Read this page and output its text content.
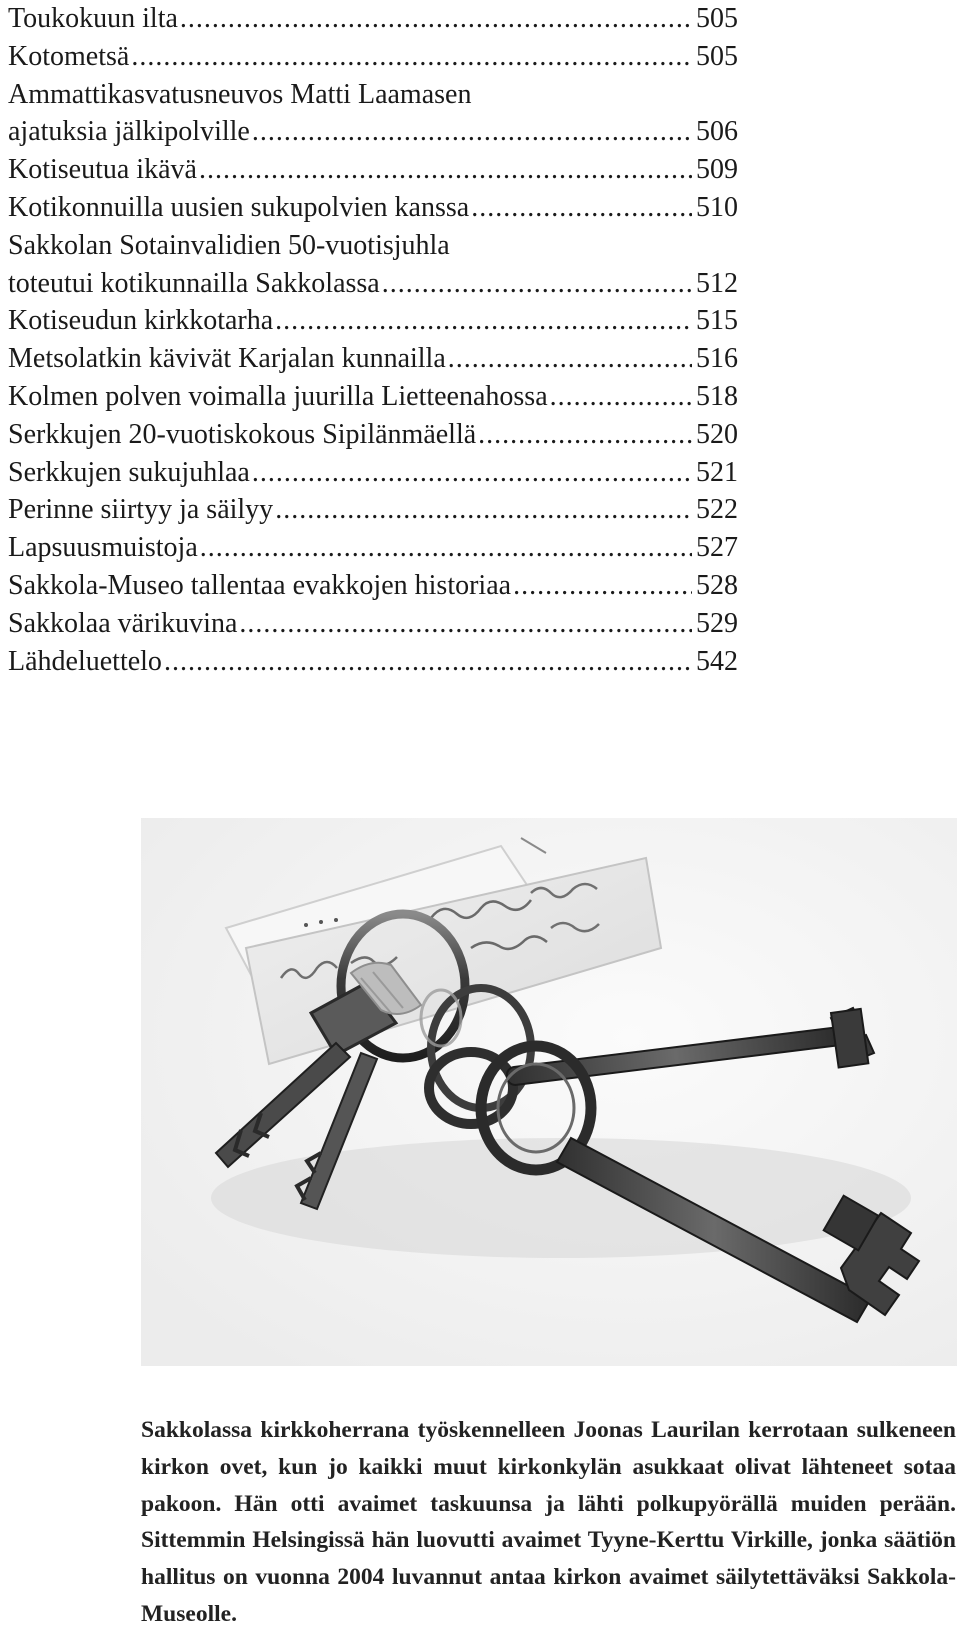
Toukokuun ilta .....	505
Kotometsä .....	505
Ammattikasvatusneuvos Matti Laamasen
ajatuksia jälkipolville .....	506
Kotiseutua ikävä .....	509
Kotikonnuilla uusien sukupolvien kanssa .....	510
Sakkolan Sotainvalidien 50-vuotisjuhla
toteutui kotikunnailla Sakkolassa .....	512
Kotiseudun kirkkotarha .....	515
Metsolatkin kävivät Karjalan kunnailla .....	516
Kolmen polven voimalla juurilla Lietteenahossa .....	518
Serkkujen 20-vuotiskokous Sipilänmäellä .....	520
Serkkujen sukujuhlaa .....	521
Perinne siirtyy ja säilyy .....	522
Lapsuusmuistoja .....	527
Sakkola-Museo tallentaa evakkojen historiaa .....	528
Sakkolaa värikuvina .....	529
Lähdeluettelo .....	542
Sakkolassa kirkkoherrana työskennelleen Joonas Laurilan kerrotaan sulkeneen kirkon ovet, kun jo kaikki muut kirkonkylän asukkaat olivat lähteneet sotaa pakoon. Hän otti avaimet taskuunsa ja lähti polkupyörällä muiden perään. Sittemmin Helsingissä hän luovutti avaimet Tyyne-Kerttu Virkille, jonka säätiön hallitus on vuonna 2004 luvannut antaa kirkon avaimet säilytettäväksi Sakkola-Museolle.
